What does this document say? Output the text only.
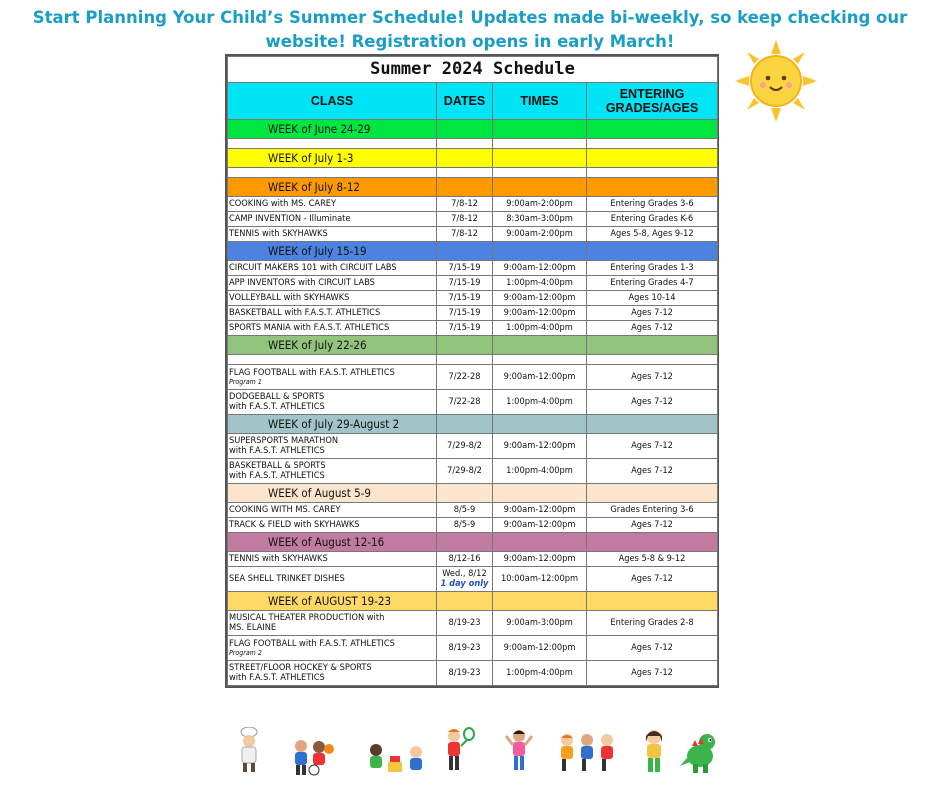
Start Planning Your Child’s Summer Schedule! Updates made bi-weekly, so keep checking our
website! Registration opens in early March!
Summer 2024 Schedule			
CLASS	DATES	TIMES	ENTERING
GRADES/AGES
WEEK of June 24-29			

WEEK of July 1-3			

WEEK of July 8-12			
COOKING with MS. CAREY	7/8-12	9:00am-2:00pm	Entering Grades 3-6
CAMP INVENTION - Illuminate	7/8-12	8:30am-3:00pm	Entering Grades K-6
TENNIS with SKYHAWKS	7/8-12	9:00am-2:00pm	Ages 5-8, Ages 9-12
WEEK of July 15-19			
CIRCUIT MAKERS 101 with CIRCUIT LABS	7/15-19	9:00am-12:00pm	Entering Grades 1-3
APP INVENTORS with CIRCUIT LABS	7/15-19	1:00pm-4:00pm	Entering Grades 4-7
VOLLEYBALL with SKYHAWKS	7/15-19	9:00am-12:00pm	Ages 10-14
BASKETBALL with F.A.S.T. ATHLETICS	7/15-19	9:00am-12:00pm	Ages 7-12
SPORTS MANIA with F.A.S.T. ATHLETICS	7/15-19	1:00pm-4:00pm	Ages 7-12
WEEK of July 22-26			

FLAG FOOTBALL with F.A.S.T. ATHLETICS
Program 1	7/22-28	9:00am-12:00pm	Ages 7-12
DODGEBALL & SPORTS
with F.A.S.T. ATHLETICS	7/22-28	1:00pm-4:00pm	Ages 7-12
WEEK of July 29-August 2			
SUPERSPORTS MARATHON
with F.A.S.T. ATHLETICS	7/29-8/2	9:00am-12:00pm	Ages 7-12
BASKETBALL & SPORTS
with F.A.S.T. ATHLETICS	7/29-8/2	1:00pm-4:00pm	Ages 7-12
WEEK of August 5-9			
COOKING WITH MS. CAREY	8/5-9	9:00am-12:00pm	Grades Entering 3-6
TRACK & FIELD with SKYHAWKS	8/5-9	9:00am-12:00pm	Ages 7-12
WEEK of August 12-16			
TENNIS with SKYHAWKS	8/12-16	9:00am-12:00pm	Ages 5-8 & 9-12
SEA SHELL TRINKET DISHES	Wed., 8/12
1 day only	10:00am-12:00pm	Ages 7-12
WEEK of AUGUST 19-23			
MUSICAL THEATER PRODUCTION with
MS. ELAINE	8/19-23	9:00am-3:00pm	Entering Grades 2-8
FLAG FOOTBALL with F.A.S.T. ATHLETICS
Program 2	8/19-23	9:00am-12:00pm	Ages 7-12
STREET/FLOOR HOCKEY & SPORTS
with F.A.S.T. ATHLETICS	8/19-23	1:00pm-4:00pm	Ages 7-12
